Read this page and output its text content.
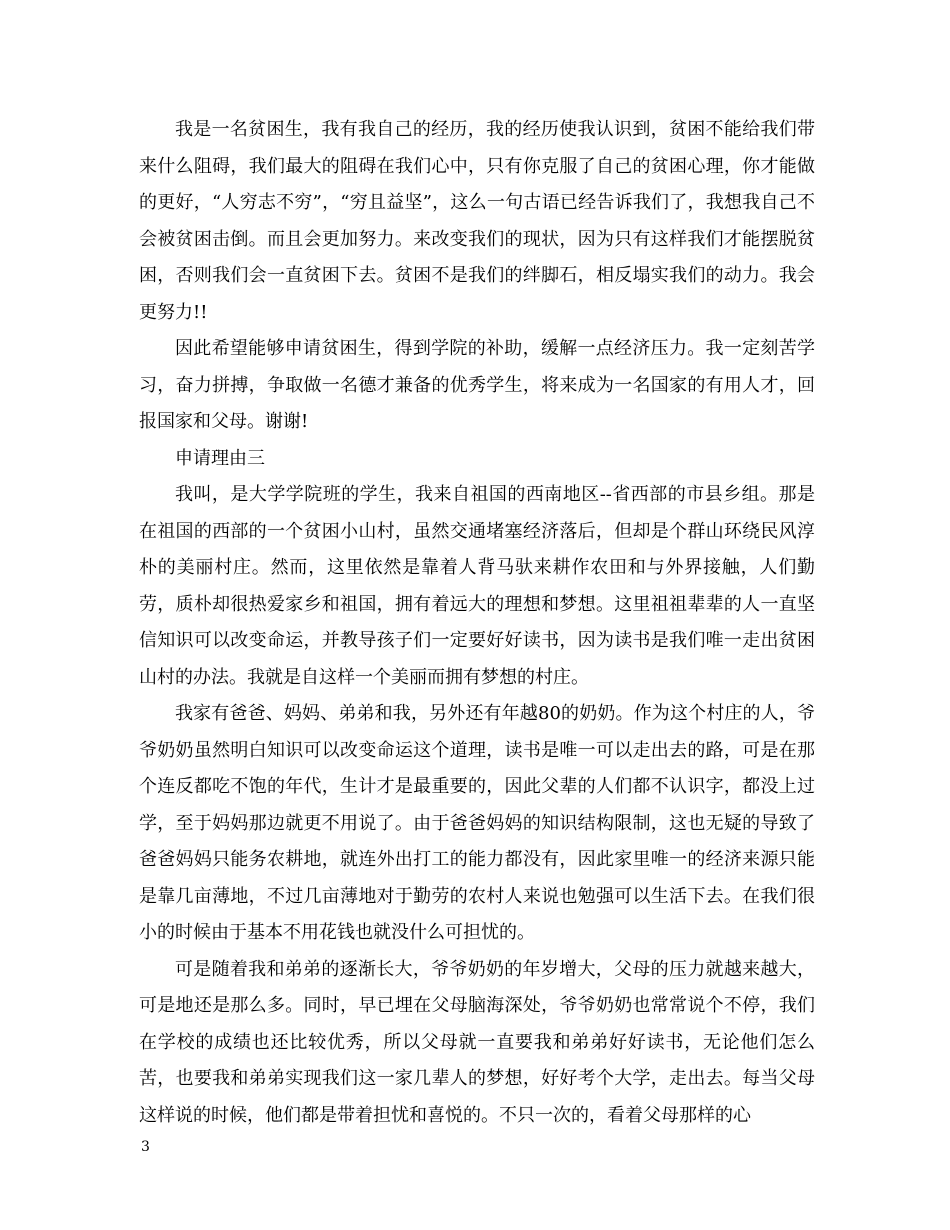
我是一名贫困生，我有我自己的经历，我的经历使我认识到，贫困不能给我们带来什么阻碍，我们最大的阻碍在我们心中，只有你克服了自己的贫困心理，你才能做的更好，“人穷志不穷”，“穷且益坚”，这么一句古语已经告诉我们了，我想我自己不会被贫困击倒。而且会更加努力。来改变我们的现状，因为只有这样我们才能摆脱贫困，否则我们会一直贫困下去。贫困不是我们的绊脚石，相反塌实我们的动力。我会更努力!!

因此希望能够申请贫困生，得到学院的补助，缓解一点经济压力。我一定刻苦学习，奋力拼搏，争取做一名德才兼备的优秀学生，将来成为一名国家的有用人才，回报国家和父母。谢谢!

申请理由三

我叫，是大学学院班的学生，我来自祖国的西南地区--省西部的市县乡组。那是在祖国的西部的一个贫困小山村，虽然交通堵塞经济落后，但却是个群山环绕民风淳朴的美丽村庄。然而，这里依然是靠着人背马驮来耕作农田和与外界接触，人们勤劳，质朴却很热爱家乡和祖国，拥有着远大的理想和梦想。这里祖祖辈辈的人一直坚信知识可以改变命运，并教导孩子们一定要好好读书，因为读书是我们唯一走出贫困山村的办法。我就是自这样一个美丽而拥有梦想的村庄。

我家有爸爸、妈妈、弟弟和我，另外还有年越80的奶奶。作为这个村庄的人，爷爷奶奶虽然明白知识可以改变命运这个道理，读书是唯一可以走出去的路，可是在那个连反都吃不饱的年代，生计才是最重要的，因此父辈的人们都不认识字，都没上过学，至于妈妈那边就更不用说了。由于爸爸妈妈的知识结构限制，这也无疑的导致了爸爸妈妈只能务农耕地，就连外出打工的能力都没有，因此家里唯一的经济来源只能是靠几亩薄地，不过几亩薄地对于勤劳的农村人来说也勉强可以生活下去。在我们很小的时候由于基本不用花钱也就没什么可担忧的。

可是随着我和弟弟的逐渐长大，爷爷奶奶的年岁增大，父母的压力就越来越大，可是地还是那么多。同时，早已埋在父母脑海深处，爷爷奶奶也常常说个不停，我们在学校的成绩也还比较优秀，所以父母就一直要我和弟弟好好读书，无论他们怎么苦，也要我和弟弟实现我们这一家几辈人的梦想，好好考个大学，走出去。每当父母这样说的时候，他们都是带着担忧和喜悦的。不只一次的，看着父母那样的心

3
